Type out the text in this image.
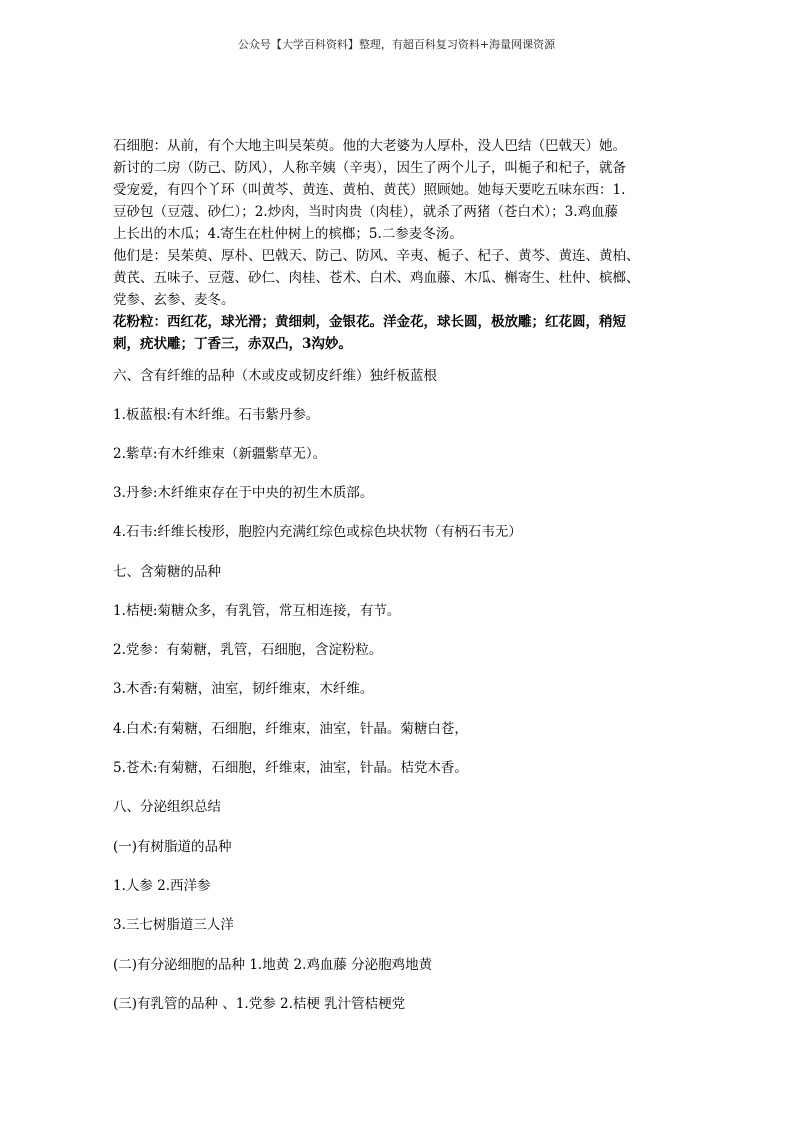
公众号【大学百科资料】整理，有超百科复习资料+海量网课资源
石细胞：从前，有个大地主叫吴茱萸。他的大老婆为人厚朴，没人巴结（巴戟天）她。
新讨的二房（防己、防风），人称辛姨（辛夷），因生了两个儿子，叫栀子和杞子，就备
受宠爱，有四个丫环（叫黄芩、黄连、黄柏、黄芪）照顾她。她每天要吃五味东西：1.
豆砂包（豆蔻、砂仁）；2.炒肉，当时肉贵（肉桂），就杀了两猪（苍白术）；3.鸡血藤
上长出的木瓜；4.寄生在杜仲树上的槟榔；5.二参麦冬汤。
他们是：吴茱萸、厚朴、巴戟天、防己、防风、辛夷、栀子、杞子、黄芩、黄连、黄柏、
黄芪、五味子、豆蔻、砂仁、肉桂、苍术、白术、鸡血藤、木瓜、槲寄生、杜仲、槟榔、
党参、玄参、麦冬。
花粉粒：西红花，球光滑；黄细刺，金银花。洋金花，球长圆，极放雕；红花圆，稍短
刺，疣状雕；丁香三，赤双凸，3沟妙。
六、含有纤维的品种（木或皮或韧皮纤维）独纤板蓝根
1.板蓝根:有木纤维。石韦紫丹参。
2.紫草:有木纤维束（新疆紫草无）。
3.丹参:木纤维束存在于中央的初生木质部。
4.石韦:纤维长梭形，胞腔内充满红综色或棕色块状物（有柄石韦无）
七、含菊糖的品种
1.桔梗:菊糖众多，有乳管，常互相连接，有节。
2.党参：有菊糖，乳管，石细胞，含淀粉粒。
3.木香:有菊糖，油室，韧纤维束，木纤维。
4.白术:有菊糖，石细胞，纤维束，油室，针晶。菊糖白苍，
5.苍术:有菊糖，石细胞，纤维束，油室，针晶。桔党木香。
八、分泌组织总结
(一)有树脂道的品种
1.人参 2.西洋参
3.三七树脂道三人洋
(二)有分泌细胞的品种 1.地黄 2.鸡血藤 分泌胞鸡地黄
(三)有乳管的品种 、1.党参 2.桔梗 乳汁管桔梗党
